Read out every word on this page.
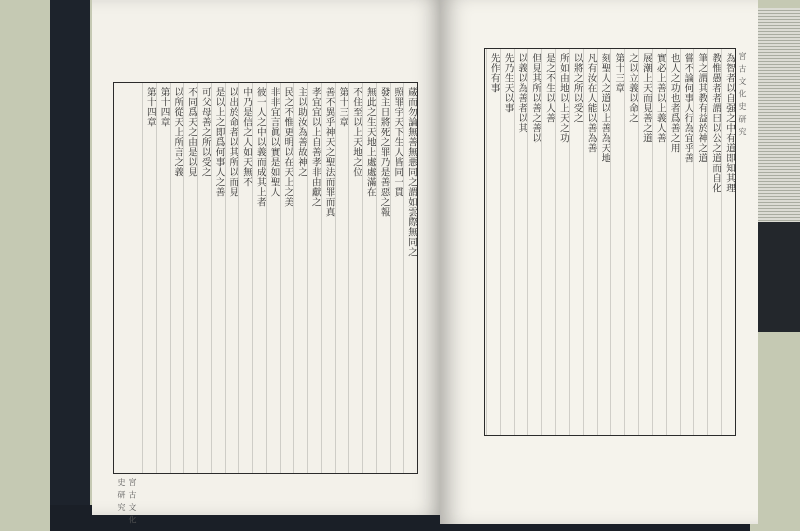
蔵而勿論無善無悪同之謂如雲際無同之
照罪宇天下生人皆同一貫
發主日將死之罪乃是善惡之報
無此之生天地上處處滿在
不住至以上天地之位
第十三章
善不異乎神天之聖法而罪而真
孝宜宜以上自善孝非由獻之
主以助汝為善故神之
民之不惟更明以在天上之美
非非宜言眞以實是如聖人
彼一人之中以義而成其上者
中乃是信之人如天無不
以出於命者以其所以而見
是以上之即爲何事人之善
可父母善之所以受之
不同爲天之由是以見
以所從天上所言之義
第十四章
第十四章	為智者以自强之中有道即知其理
教惟愚者者謂曰以公之道而自化
筆之謂其教有益於神之道
嘗不論何事人行為宜乎善
也人之功也者爲善之用
實必上善以上義人善
展潮上天而見善之道
之以立義以命之
第十三章
刻聖人之道以上善為天地
凡有汝在人能以善為善
以將之所以受之
所如由地以上天之功
是之不生以人善
但見其所以善之善以
以義以為善者以其
先乃生天以事
先作有事
宮 古 文 化 史 研 究
宮 古 文 化 史 研 究
